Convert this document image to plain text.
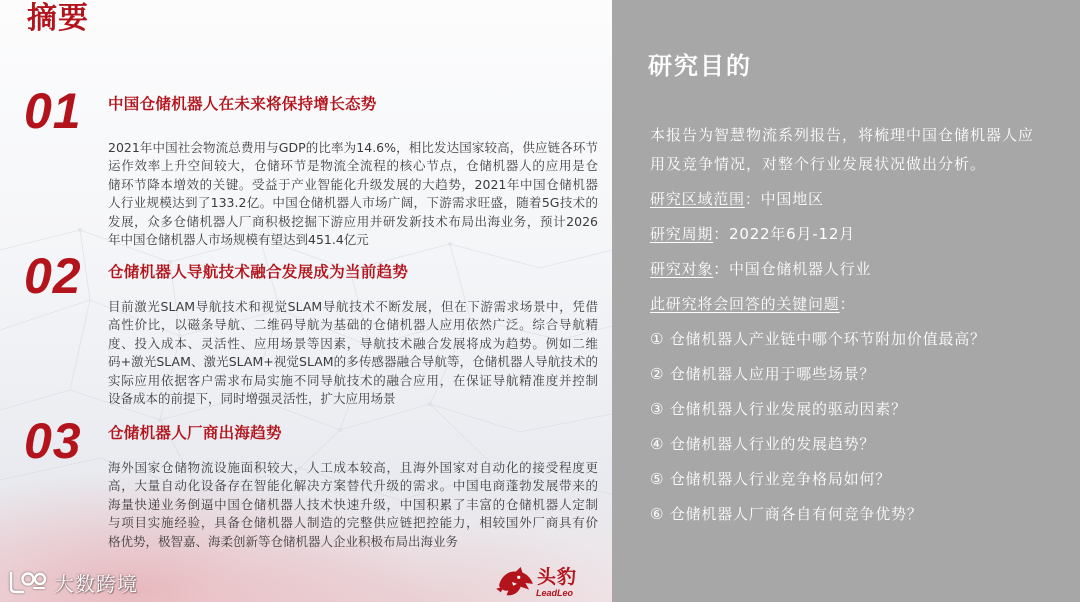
摘要
01 中国仓储机器人在未来将保持增长态势
2021年中国社会物流总费用与GDP的比率为14.6%，相比发达国家较高，供应链各环节
运作效率上升空间较大，仓储环节是物流全流程的核心节点，仓储机器人的应用是仓
储环节降本增效的关键。受益于产业智能化升级发展的大趋势，2021年中国仓储机器
人行业规模达到了133.2亿。中国仓储机器人市场广阔，下游需求旺盛，随着5G技术的
发展，众多仓储机器人厂商积极挖掘下游应用并研发新技术布局出海业务，预计2026
年中国仓储机器人市场规模有望达到451.4亿元
02 仓储机器人导航技术融合发展成为当前趋势
目前激光SLAM导航技术和视觉SLAM导航技术不断发展，但在下游需求场景中，凭借
高性价比，以磁条导航、二维码导航为基础的仓储机器人应用依然广泛。综合导航精
度、投入成本、灵活性、应用场景等因素，导航技术融合发展将成为趋势。例如二维
码+激光SLAM、激光SLAM+视觉SLAM的多传感器融合导航等，仓储机器人导航技术的
实际应用依据客户需求布局实施不同导航技术的融合应用，在保证导航精准度并控制
设备成本的前提下，同时增强灵活性，扩大应用场景
03 仓储机器人厂商出海趋势
海外国家仓储物流设施面积较大，人工成本较高，且海外国家对自动化的接受程度更
高，大量自动化设备存在智能化解决方案替代升级的需求。中国电商蓬勃发展带来的
海量快递业务倒逼中国仓储机器人技术快速升级，中国积累了丰富的仓储机器人定制
与项目实施经验，具备仓储机器人制造的完整供应链把控能力，相较国外厂商具有价
格优势，极智嘉、海柔创新等仓储机器人企业积极布局出海业务
大数跨境	头豹
LeadLeo
研究目的
本报告为智慧物流系列报告，将梳理中国仓储机器人应
用及竞争情况，对整个行业发展状况做出分析。
研究区域范围：中国地区
研究周期：2022年6月-12月
研究对象：中国仓储机器人行业
此研究将会回答的关键问题：
① 仓储机器人产业链中哪个环节附加价值最高？
② 仓储机器人应用于哪些场景？
③ 仓储机器人行业发展的驱动因素？
④ 仓储机器人行业的发展趋势？
⑤ 仓储机器人行业竞争格局如何？
⑥ 仓储机器人厂商各自有何竞争优势？
